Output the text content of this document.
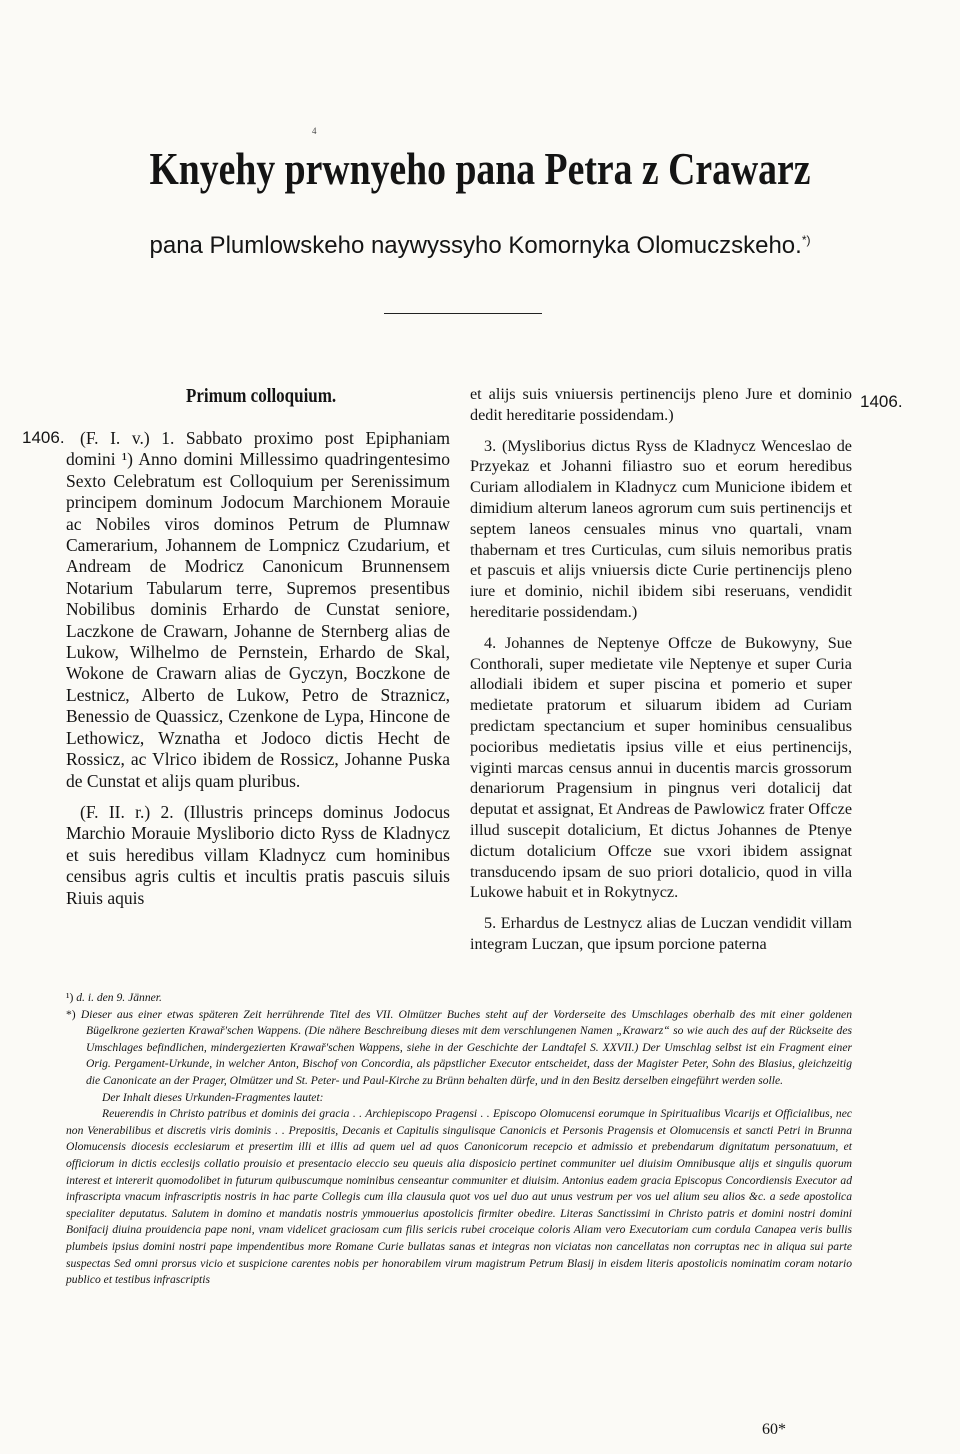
4
Knyehy prwnyeho pana Petra z Crawarz
pana Plumlowskeho naywyssyho Komornyka Olomuczskeho.*)
Primum colloquium.
1406.
1406.

(F. I. v.) 1. Sabbato proximo post Epiphaniam domini ¹) Anno domini Millessimo quadringentesimo Sexto Celebratum est Colloquium per Serenissimum principem dominum Jodocum Marchionem Morauie ac Nobiles viros dominos Petrum de Plumnaw Camerarium, Johannem de Lompnicz Czudarium, et Andream de Modricz Canonicum Brunnensem Notarium Tabularum terre, Supremos presentibus Nobilibus dominis Erhardo de Cunstat seniore, Laczkone de Crawarn, Johanne de Sternberg alias de Lukow, Wilhelmo de Pernstein, Erhardo de Skal, Wokone de Crawarn alias de Gyczyn, Boczkone de Lestnicz, Alberto de Lukow, Petro de Straznicz, Benessio de Quassicz, Czenkone de Lypa, Hincone de Lethowicz, Wznatha et Jodoco dictis Hecht de Rossicz, ac Vlrico ibidem de Rossicz, Johanne Puska de Cunstat et alijs quam pluribus.

(F. II. r.) 2. (Illustris princeps dominus Jodocus Marchio Morauie Mysliborio dicto Ryss de Kladnycz et suis heredibus villam Kladnycz cum hominibus censibus agris cultis et incultis pratis pascuis siluis Riuis aquis

et alijs suis vniuersis pertinencijs pleno Jure et dominio dedit hereditarie possidendam.)

3. (Mysliborius dictus Ryss de Kladnycz Wenceslao de Przyekaz et Johanni filiastro suo et eorum heredibus Curiam allodialem in Kladnycz cum Municione ibidem et dimidium alterum laneos agrorum cum suis pertinencijs et septem laneos censuales minus vno quartali, vnam thabernam et tres Curticulas, cum siluis nemoribus pratis et pascuis et alijs vniuersis dicte Curie pertinencijs pleno iure et dominio, nichil ibidem sibi reseruans, vendidit hereditarie possidendam.)

4. Johannes de Neptenye Offcze de Bukowyny, Sue Conthorali, super medietate vile Neptenye et super Curia allodiali ibidem et super piscina et pomerio et super medietate pratorum et siluarum ibidem ad Curiam predictam spectancium et super hominibus censualibus pocioribus medietatis ipsius ville et eius pertinencijs, viginti marcas census annui in ducentis marcis grossorum denariorum Pragensium in pingnus veri dotalicij dat deputat et assignat, Et Andreas de Pawlowicz frater Offcze illud suscepit dotalicium, Et dictus Johannes de Ptenye dictum dotalicium Offcze sue vxori ibidem assignat transducendo ipsam de suo priori dotalicio, quod in villa Lukowe habuit et in Rokytnycz.

5. Erhardus de Lestnycz alias de Luczan vendidit villam integram Luczan, que ipsum porcione paterna

¹) d. i. den 9. Jänner.

*) Dieser aus einer etwas späteren Zeit herrührende Titel des VII. Olmützer Buches steht auf der Vorderseite des Umschlages oberhalb des mit einer goldenen Bügelkrone gezierten Krawař'schen Wappens. (Die nähere Beschreibung dieses mit dem verschlungenen Namen „Krawarz“ so wie auch des auf der Rückseite des Umschlages befindlichen, mindergezierten Krawař'schen Wappens, siehe in der Geschichte der Landtafel S. XXVII.) Der Umschlag selbst ist ein Fragment einer Orig. Pergament-Urkunde, in welcher Anton, Bischof von Concordia, als päpstlicher Executor entscheidet, dass der Magister Peter, Sohn des Blasius, gleichzeitig die Canonicate an der Prager, Olmützer und St. Peter- und Paul-Kirche zu Brünn behalten dürfe, und in den Besitz derselben eingeführt werden solle.

Der Inhalt dieses Urkunden-Fragmentes lautet:

Reuerendis in Christo patribus et dominis dei gracia . . Archiepiscopo Pragensi . . Episcopo Olomucensi eorumque in Spiritualibus Vicarijs et Officialibus, nec non Venerabilibus et discretis viris dominis . . Prepositis, Decanis et Capitulis singulisque Canonicis et Personis Pragensis et Olomucensis et sancti Petri in Brunna Olomucensis diocesis ecclesiarum et presertim illi et illis ad quem uel ad quos Canonicorum recepcio et admissio et prebendarum dignitatum personatuum, et officiorum in dictis ecclesijs collatio prouisio et presentacio eleccio seu queuis alia disposicio pertinet communiter uel diuisim Omnibusque alijs et singulis quorum interest et intererit quomodolibet in futurum quibuscumque nominibus censeantur communiter et diuisim. Antonius eadem gracia Episcopus Concordiensis Executor ad infrascripta vnacum infrascriptis nostris in hac parte Collegis cum illa clausula quot vos uel duo aut unus vestrum per vos uel alium seu alios &c. a sede apostolica specialiter deputatus. Salutem in domino et mandatis nostris ymmouerius apostolicis firmiter obedire. Literas Sanctissimi in Christo patris et domini nostri domini Bonifacij diuina prouidencia pape noni, vnam videlicet graciosam cum filis sericis rubei croceique coloris Aliam vero Executoriam cum cordula Canapea veris bullis plumbeis ipsius domini nostri pape impendentibus more Romane Curie bullatas sanas et integras non viciatas non cancellatas non corruptas nec in aliqua sui parte suspectas Sed omni prorsus vicio et suspicione carentes nobis per honorabilem virum magistrum Petrum Blasij in eisdem literis apostolicis nominatim coram notario publico et testibus infrascriptis

60*
